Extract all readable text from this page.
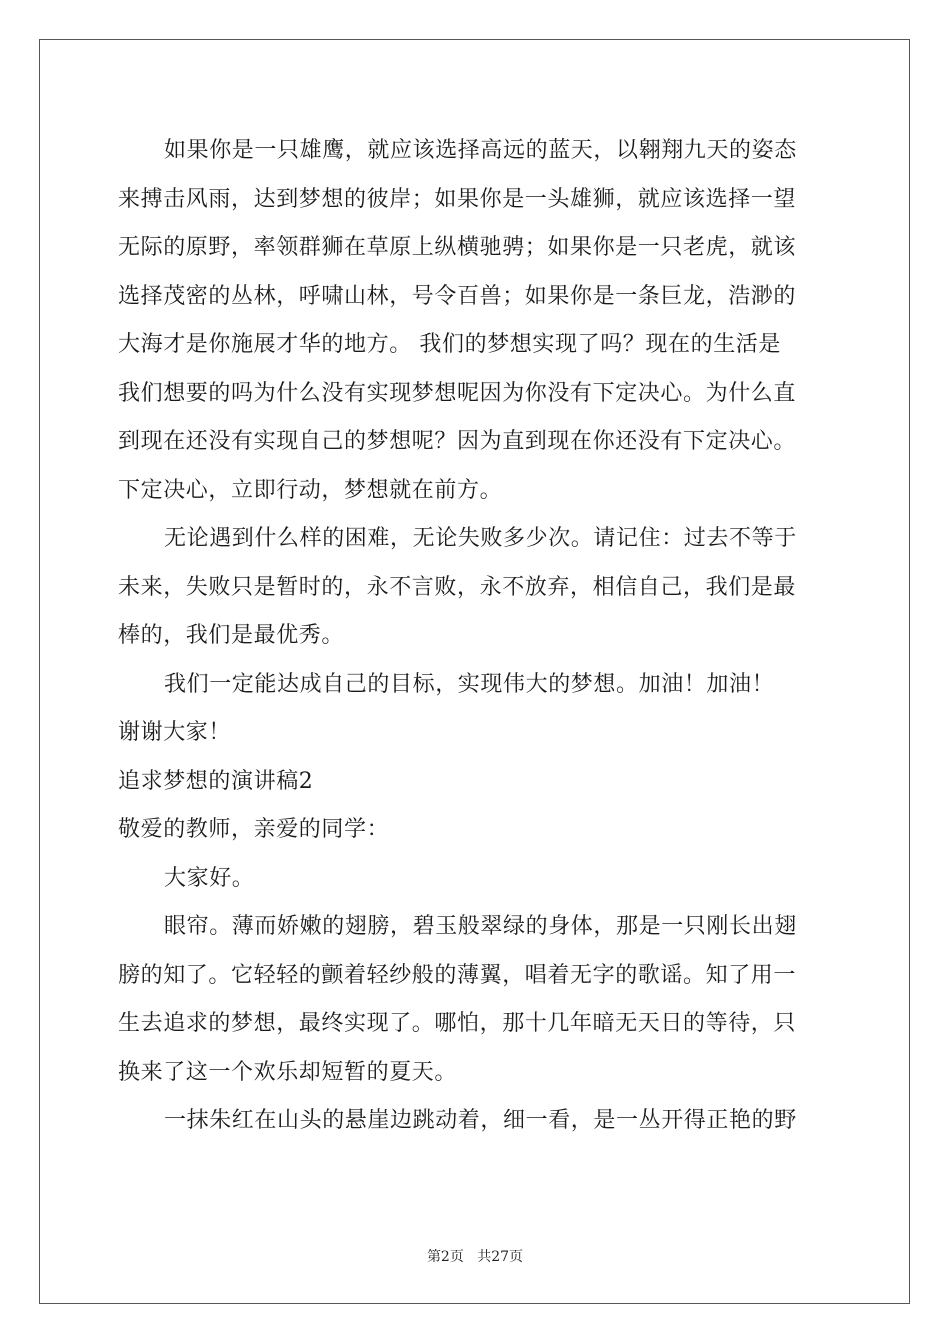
如果你是一只雄鹰，就应该选择高远的蓝天，以翱翔九天的姿态
来搏击风雨，达到梦想的彼岸；如果你是一头雄狮，就应该选择一望
无际的原野，率领群狮在草原上纵横驰骋；如果你是一只老虎，就该
选择茂密的丛林，呼啸山林，号令百兽；如果你是一条巨龙，浩渺的
大海才是你施展才华的地方。 我们的梦想实现了吗？现在的生活是
我们想要的吗为什么没有实现梦想呢因为你没有下定决心。为什么直
到现在还没有实现自己的梦想呢？因为直到现在你还没有下定决心。
下定决心，立即行动，梦想就在前方。
无论遇到什么样的困难，无论失败多少次。请记住：过去不等于
未来，失败只是暂时的，永不言败，永不放弃，相信自己，我们是最
棒的，我们是最优秀。
我们一定能达成自己的目标，实现伟大的梦想。加油！加油！
谢谢大家！
追求梦想的演讲稿2
敬爱的教师，亲爱的同学：
大家好。
眼帘。薄而娇嫩的翅膀，碧玉般翠绿的身体，那是一只刚长出翅
膀的知了。它轻轻的颤着轻纱般的薄翼，唱着无字的歌谣。知了用一
生去追求的梦想，最终实现了。哪怕，那十几年暗无天日的等待，只
换来了这一个欢乐却短暂的夏天。
一抹朱红在山头的悬崖边跳动着，细一看，是一丛开得正艳的野
第2页 共27页
